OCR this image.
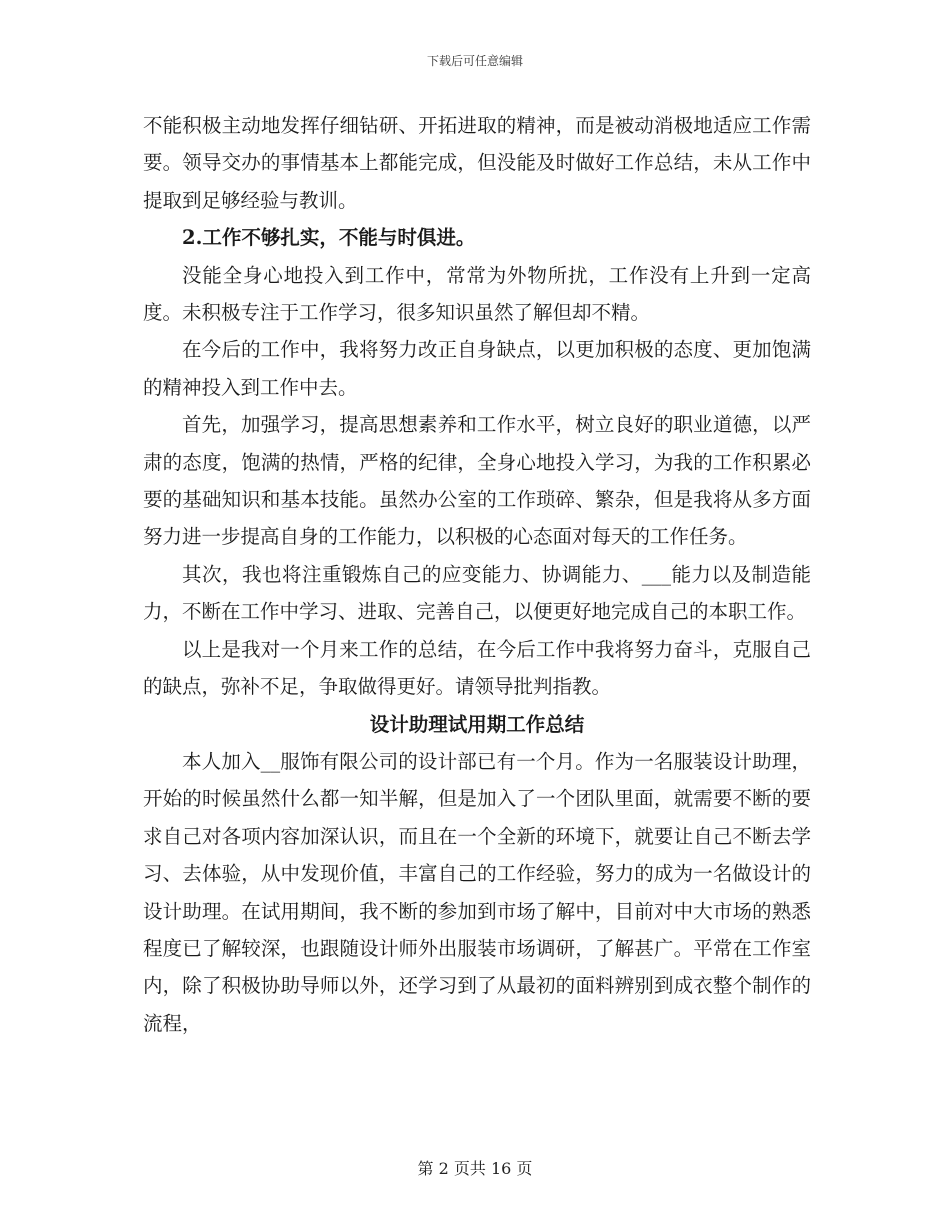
下载后可任意编辑

不能积极主动地发挥仔细钻研、开拓进取的精神，而是被动消极地适应工作需要。领导交办的事情基本上都能完成，但没能及时做好工作总结，未从工作中提取到足够经验与教训。

2.工作不够扎实，不能与时俱进。

没能全身心地投入到工作中，常常为外物所扰，工作没有上升到一定高度。未积极专注于工作学习，很多知识虽然了解但却不精。

在今后的工作中，我将努力改正自身缺点，以更加积极的态度、更加饱满的精神投入到工作中去。

首先，加强学习，提高思想素养和工作水平，树立良好的职业道德，以严肃的态度，饱满的热情，严格的纪律，全身心地投入学习，为我的工作积累必要的基础知识和基本技能。虽然办公室的工作琐碎、繁杂，但是我将从多方面努力进一步提高自身的工作能力，以积极的心态面对每天的工作任务。

其次，我也将注重锻炼自己的应变能力、协调能力、___能力以及制造能力，不断在工作中学习、进取、完善自己，以便更好地完成自己的本职工作。

以上是我对一个月来工作的总结，在今后工作中我将努力奋斗，克服自己的缺点，弥补不足，争取做得更好。请领导批判指教。

设计助理试用期工作总结

本人加入__服饰有限公司的设计部已有一个月。作为一名服装设计助理，开始的时候虽然什么都一知半解，但是加入了一个团队里面，就需要不断的要求自己对各项内容加深认识，而且在一个全新的环境下，就要让自己不断去学习、去体验，从中发现价值，丰富自己的工作经验，努力的成为一名做设计的设计助理。在试用期间，我不断的参加到市场了解中，目前对中大市场的熟悉程度已了解较深，也跟随设计师外出服装市场调研，了解甚广。平常在工作室内，除了积极协助导师以外，还学习到了从最初的面料辨别到成衣整个制作的流程，

第 2 页共 16 页
